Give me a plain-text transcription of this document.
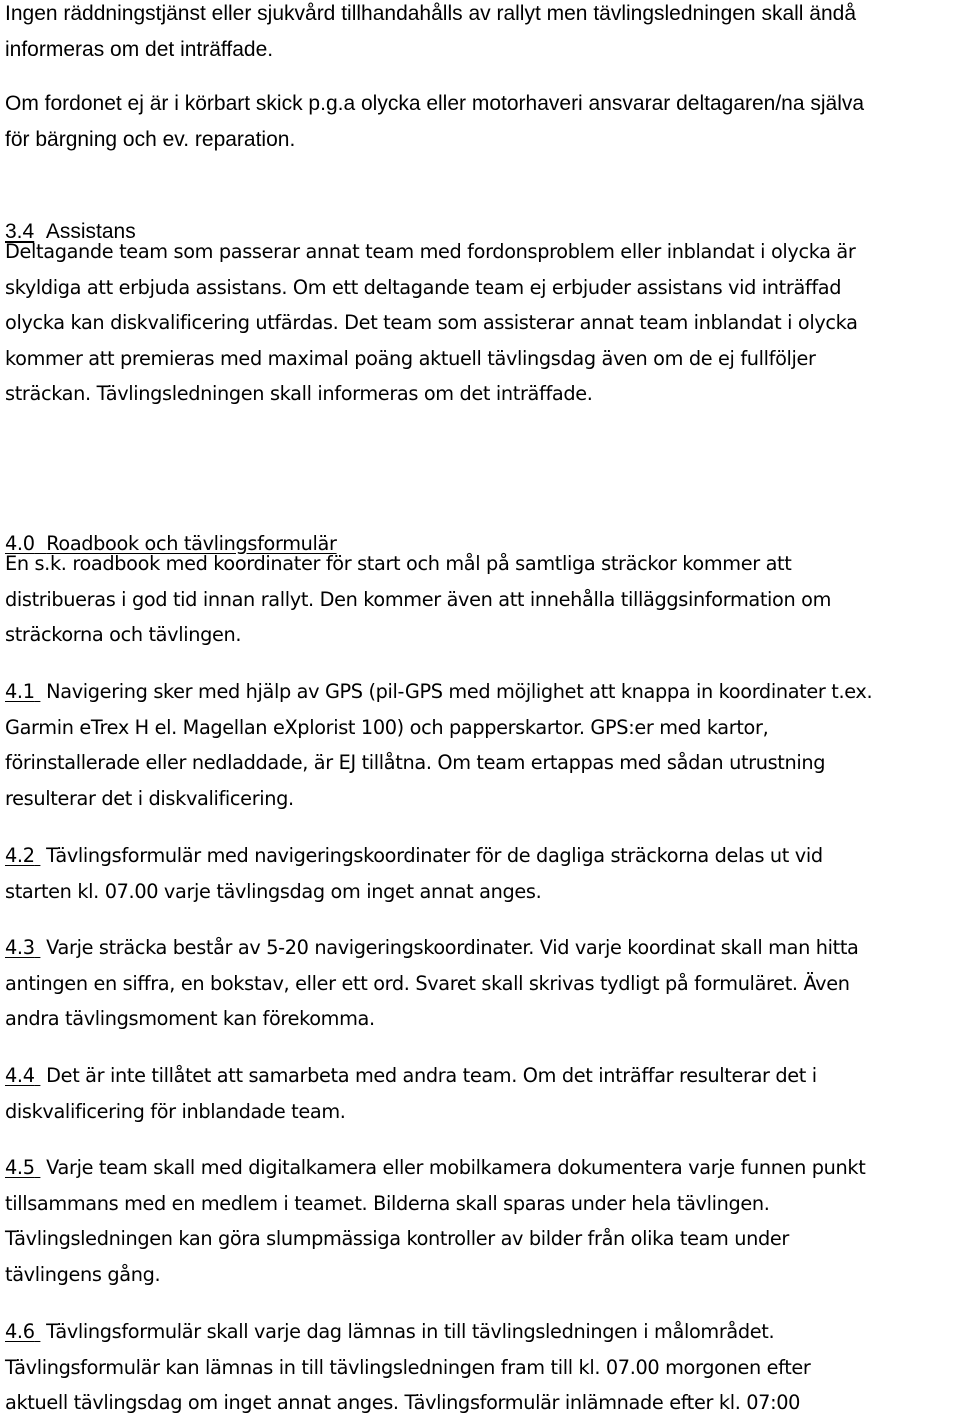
Ingen räddningstjänst eller sjukvård tillhandahålls av rallyt men tävlingsledningen skall ändå
informeras om det inträffade.

Om fordonet ej är i körbart skick p.g.a olycka eller motorhaveri ansvarar deltagaren/na själva
för bärgning och ev. reparation.

3.4 Assistans

Deltagande team som passerar annat team med fordonsproblem eller inblandat i olycka är
skyldiga att erbjuda assistans. Om ett deltagande team ej erbjuder assistans vid inträffad
olycka kan diskvalificering utfärdas. Det team som assisterar annat team inblandat i olycka
kommer att premieras med maximal poäng aktuell tävlingsdag även om de ej fullföljer
sträckan. Tävlingsledningen skall informeras om det inträffade.

4.0 Roadbook och tävlingsformulär

En s.k. roadbook med koordinater för start och mål på samtliga sträckor kommer att
distribueras i god tid innan rallyt. Den kommer även att innehålla tilläggsinformation om
sträckorna och tävlingen.

4.1  Navigering sker med hjälp av GPS (pil-GPS med möjlighet att knappa in koordinater t.ex.

Garmin eTrex H el. Magellan eXplorist 100) och papperskartor. GPS:er med kartor,
förinstallerade eller nedladdade, är EJ tillåtna. Om team ertappas med sådan utrustning
resulterar det i diskvalificering.

4.2  Tävlingsformulär med navigeringskoordinater för de dagliga sträckorna delas ut vid

starten kl. 07.00 varje tävlingsdag om inget annat anges.

4.3  Varje sträcka består av 5-20 navigeringskoordinater. Vid varje koordinat skall man hitta

antingen en siffra, en bokstav, eller ett ord. Svaret skall skrivas tydligt på formuläret. Även
andra tävlingsmoment kan förekomma.

4.4  Det är inte tillåtet att samarbeta med andra team. Om det inträffar resulterar det i

diskvalificering för inblandade team.

4.5  Varje team skall med digitalkamera eller mobilkamera dokumentera varje funnen punkt

tillsammans med en medlem i teamet. Bilderna skall sparas under hela tävlingen.
Tävlingsledningen kan göra slumpmässiga kontroller av bilder från olika team under
tävlingens gång.

4.6  Tävlingsformulär skall varje dag lämnas in till tävlingsledningen i målområdet.

Tävlingsformulär kan lämnas in till tävlingsledningen fram till kl. 07.00 morgonen efter
aktuell tävlingsdag om inget annat anges. Tävlingsformulär inlämnade efter kl. 07:00
